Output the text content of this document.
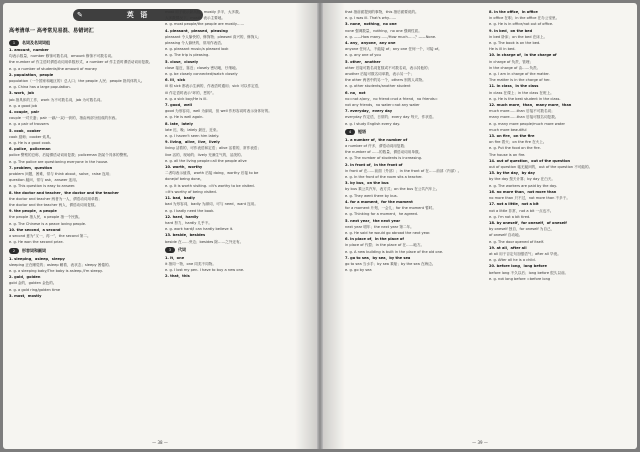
✎	英 语
高考清单一 高考常见易混、易错词汇
1	名词及名词词组
1. amount，number
均表示数量，number 修饰可数名词，amount 修饰不可数名词。
the number of 作主语时谓语动词用单数形式，a number of 作主语时谓语动词用复数。
e. g. a number of students/the amount of money
2. population，people
population（一个国家和地区的）总人口；the people 人民；people 指具体的人。
e. g. China has a large population.
3. work，job
job 指具体的工作，work 为不可数名词，job 为可数名词。
e. g. a good job
4. couple，pair
couple 一对夫妻；pair 一副/一双/一套的，指由两部分组成的东西。
e. g. a pair of trousers
5. cook，cooker
cook 厨师；cooker 炊具。
e. g. He is a good cook.
6. police，policeman
police 警察的总称，后接谓语动词用复数；policeman 指某个具体的警察。
e. g. The police are questioning everyone in the house.
7. problem，question
problem 问题，困难，常与 think about，solve，raise 连用；
question 疑问，常与 ask，answer 连用。
e. g. This question is easy to answer.
8. the doctor and teacher，the doctor and the teacher
the doctor and teacher 两者为一人，谓语动词用单数；
the doctor and the teacher 两人，谓语动词用复数。
9. the people，a people
the people 指人民，a people 指一个民族。
e. g. The Chinese is a peace loving people.
10. the second，a second
a second 意为“又一，再一”，the second 第二。
e. g. He won the second prize.
2	形容词和副词
1. sleeping，asleep，sleepy
sleeping 正在睡觉的；asleep 睡着，表状态；sleepy 困倦的。
e. g. a sleeping baby/The baby is asleep./I'm sleepy.
2. gold，golden
gold 金的，golden 金色的。
e. g. a gold ring/golden time
3. most，mostly
most 用于表示最高级，mostly 多半，大多数。
大多数情况下，mostly 表示主要地。
e. g. most people/the people are mostly……
4. pleasant，pleased，pleasing
pleasant 令人愉快的，修饰物；pleased 高兴的，修饰人；
pleasing 令人愉快的，常用作表语。
e. g. pleasant music/a pleased look
e. g. The trip is pleasing.
5. close，closely
close 接近，靠近；closely 密切地，仔细地。
e. g. be closely connected/watch closely
6. ill，sick
ill 和 sick 都表示生病的，作表语时通用；sick 可以作定语，
ill 作定语时表示“坏的，恶的”。
e. g. a sick boy/He is ill.
7. good，well
good 为形容词，well 为副词，但 well 作形容词时表示身体好的。
e. g. He is well again.
8. late，lately
late 迟，晚；lately 最近，近来。
e. g. I haven't seen him lately.
9. living，alive，live，lively
living 活着的，可作表语和定语；alive 活着的，常作表语；
live 活的，现场的；lively 充满生气的，活泼的。
e. g. all the living people=all the people alive
10. worth，worthy
二者均表示值得，worth 后接 doing，worthy 后接 to be
done/of being done。
e. g. It is worth visiting. =It's worthy to be visited.
=It's worthy of being visited.
11. bad，badly
bad 为形容词，badly 为副词，可与 need，want 连用。
e. g. I badly need the book.
12. hard，hardly
hard 努力，hardly 几乎不。
e. g. work hard/I can hardly believe it.
13. beside，besides
beside 在……旁边；besides 除……之外还有。
3	代词
1. it，one
it 指同一物，one 同类不同物。
e. g. I lost my pen. I have to buy a new one.
2. that，this
— 38 —
that 指前面提到的事物，this 指后面要说的。
e. g. I was ill. That's why……
3. none，nothing，no one
none 强调数量，nothing，no one 强调性质。
e. g. ——How many……/How much……？——None.
4. any，anyone，any one
anyone 任何人，不能接 of；any one 任何一个，可接 of。
e. g. any one of you
5. other，another
other 后接可数名词复数或不可数名词，表示其他的；
another 后接可数名词单数，表示另一个；
the other 两者中的另一个，others 别的人或物。
e. g. other students/another student
6. no，not
no=not a/any，no friend=not a friend，no friends=
not any friends，no water=not any water
7. everyday，every day
everyday 作定语，日常的；every day 每天，作状语。
e. g. I study English every day.
4	短语
1. a number of，the number of
a number of 许多，谓语动词用复数；
the number of ……的数量，谓语动词用单数。
e. g. The number of students is increasing.
2. in front of，in the front of
in front of 在……前面（外部）；in the front of 在……前部（内部）。
e. g. In the front of the room sits a teacher.
3. by bus，on the bus
by bus 乘公共汽车，表方式；on the bus 在公共汽车上。
e. g. They went there by bus.
4. for a moment，for the moment
for a moment 片刻，一会儿；for the moment 暂时。
e. g. Thinking for a moment，he agreed.
5. next year，the next year
next year 明年；the next year 第二年。
e. g. He said he would go abroad the next year.
6. in place of，in the place of
in place of 代替；in the place of 在……地方。
e. g. A new building is built in the place of the old one.
7. go to sea，by sea，by the sea
go to sea 当水手；by sea 乘船；by the sea 在海边。
e. g. go by sea
8. in the office，in office
in office 在职；in the office 在办公室里。
e. g. He is in office/not out of office.
9. in bed，on the bed
in bed 卧床；on the bed 在床上。
e. g. The book is on the bed.
He is ill in bed.
10. in charge of，in the charge of
in charge of 负责，管理；
in the charge of 由……负责。
e. g. I am in charge of the matter.
The matter is in the charge of her.
11. in class，in the class
in class 在课上；in the class 在班上。
e. g. He is the best student in the class.
12. much more，than，many more，than
much more……than 后接不可数名词；
many more……than 后接可数名词复数。
e. g. many more people/much more water
much more beautiful
13. on fire，on the fire
on fire 着火；on the fire 在火上。
e. g. Put the food on the fire.
The house is on fire.
14. out of question，out of the question
out of question 毫无疑问的，out of the question 不可能的。
15. by the day，by day
by the day 按天计算；by day 在白天。
e. g. The workers are paid by the day.
16. no more than，not more than
no more than 只不过，not more than 不多于。
17. not a little，not a bit
not a little 非常，not a bit 一点也不。
e. g. I'm not a bit tired.
18. by oneself，for oneself，of oneself
by oneself 独自，for oneself 为自己，
of oneself 自动地。
e. g. The door opened of itself.
19. at all，after all
at all 用于否定句加强语气；after all 毕竟。
e. g. After all he is a child.
20. before long，long before
before long 不久以后；long before 很久以前。
e. g. not long before =before long
— 39 —
